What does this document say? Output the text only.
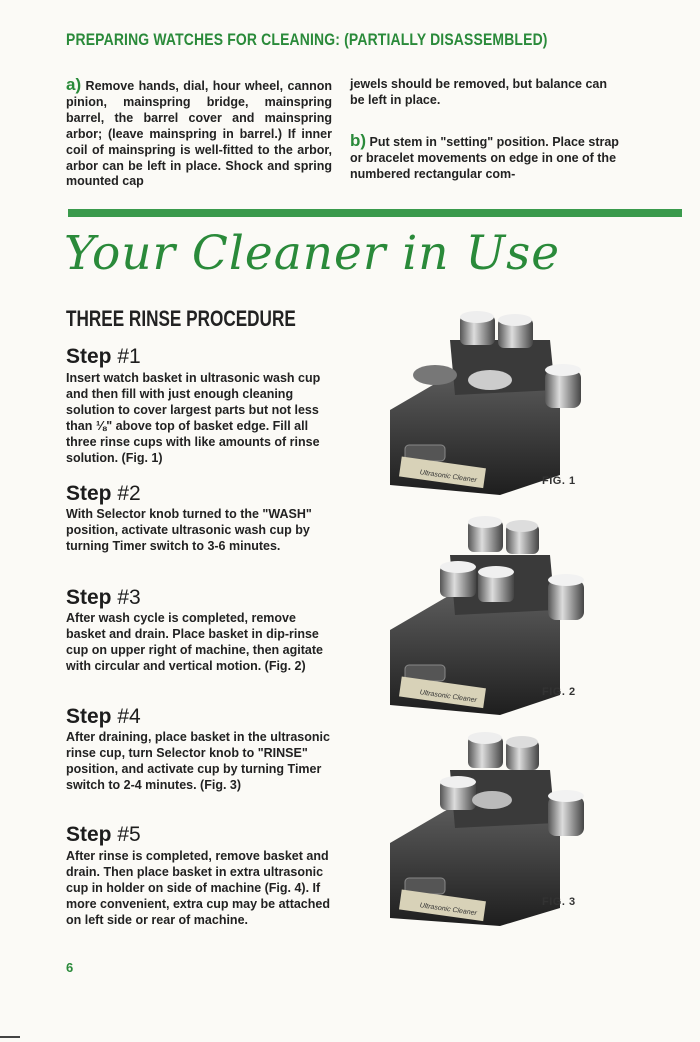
PREPARING WATCHES FOR CLEANING: (PARTIALLY DISASSEMBLED)

a) Remove hands, dial, hour wheel, cannon pinion, mainspring bridge, mainspring barrel, the barrel cover and mainspring arbor; (leave mainspring in barrel.) If inner coil of mainspring is well-fitted to the arbor, arbor can be left in place. Shock and spring mounted cap

jewels should be removed, but balance can be left in place.

b) Put stem in "setting" position. Place strap or bracelet movements on edge in one of the numbered rectangular com-

Your Cleaner in Use
THREE RINSE PROCEDURE
Step #1
Insert watch basket in ultrasonic wash cup and then fill with just enough cleaning solution to cover largest parts but not less than ⅛" above top of basket edge. Fill all three rinse cups with like amounts of rinse solution. (Fig. 1)
Step #2
With Selector knob turned to the "WASH" position, activate ultrasonic wash cup by turning Timer switch to 3-6 minutes.
Step #3
After wash cycle is completed, remove basket and drain. Place basket in dip-rinse cup on upper right of machine, then agitate with circular and vertical motion. (Fig. 2)
Step #4
After draining, place basket in the ultrasonic rinse cup, turn Selector knob to "RINSE" position, and activate cup by turning Timer switch to 2-4 minutes. (Fig. 3)
Step #5
After rinse is completed, remove basket and drain. Then place basket in extra ultrasonic cup in holder on side of machine (Fig. 4). If more convenient, extra cup may be attached on left side or rear of machine.
Ultrasonic Cleaner	FIG. 1
Ultrasonic Cleaner	FIG. 2
Ultrasonic Cleaner
FIG. 3
6
